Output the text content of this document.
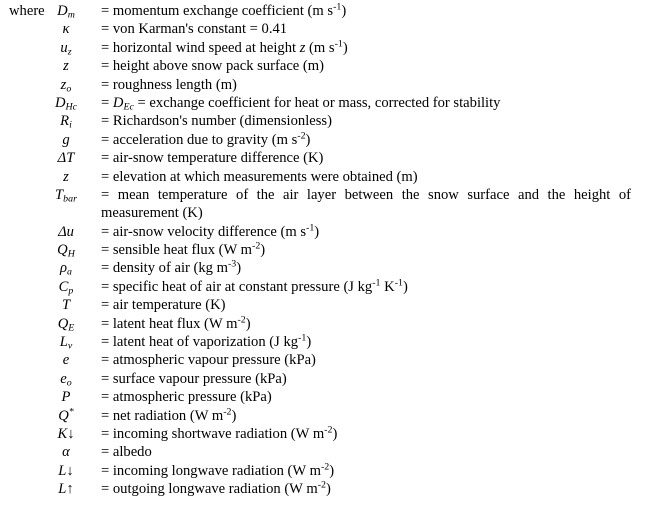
where $D_m$	= momentum exchange coefficient (m $s^{-1}$)
κ	= von Karman's constant = 0.41
$u_z$	= horizontal wind speed at height z (m $s^{-1}$)
z	= height above snow pack surface (m)
$z_o$	= roughness length (m)
$D_{Hc}$	= $D_{Ec}$ = exchange coefficient for heat or mass, corrected for stability
$R_i$	= Richardson's number (dimensionless)
g	= acceleration due to gravity (m $s^{-2}$)
ΔT	= air-snow temperature difference (K)
z	= elevation at which measurements were obtained (m)
$T_{bar}$	= mean temperature of the air layer between the snow surface and the height of measurement (K)
Δu	= air-snow velocity difference (m $s^{-1}$)
$Q_H$	= sensible heat flux (W $m^{-2}$)
$\rho_a$	= density of air (kg $m^{-3}$)
$C_p$	= specific heat of air at constant pressure (J $kg^{-1}$ $K^{-1}$)
T	= air temperature (K)
$Q_E$	= latent heat flux (W $m^{-2}$)
$L_v$	= latent heat of vaporization (J $kg^{-1}$)
e	= atmospheric vapour pressure (kPa)
$e_o$	= surface vapour pressure (kPa)
P	= atmospheric pressure (kPa)
Q*	= net radiation (W $m^{-2}$)
K↓	= incoming shortwave radiation (W $m^{-2}$)
α	= albedo
L↓	= incoming longwave radiation (W $m^{-2}$)
L↑	= outgoing longwave radiation (W $m^{-2}$)
